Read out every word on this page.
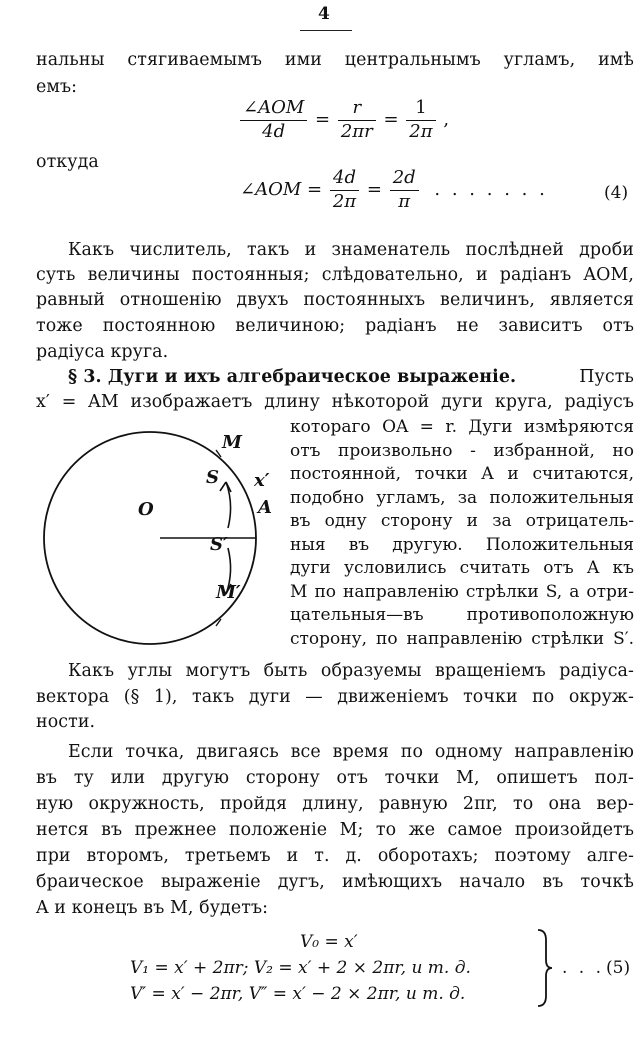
4
нальны стягиваемымъ ими центральнымъ угламъ, имѣ
емъ:
$\frac{\text{∠AOM}}{4d} = \frac{r}{2\pi r} = \frac{1}{2\pi}$ ,
откуда
∠AOM = $\frac{4d}{2\pi} = \frac{2d}{\pi}$ . . . . . . .	(4)
Какъ числитель, такъ и знаменатель послѣдней дроби
суть величины постоянныя; слѣдовательно, и радіанъ AOM,
равный отношенію двухъ постоянныхъ величинъ, является
тоже постоянною величиною; радіанъ не зависитъ отъ
радіуса круга.
§ 3. Дуги и ихъ алгебраическое выраженіе.	Пусть
x′ = AM изображаетъ длину нѣкоторой дуги круга, радіусъ
O	A
M
M′
x′
S
S′
котораго OA = r. Дуги измѣряются
отъ произвольно - избранной, но
постоянной, точки A и считаются,
подобно угламъ, за положительныя
въ одну сторону и за отрицатель-
ныя въ другую. Положительныя
дуги условились считать отъ A къ
M по направленію стрѣлки S, а отри-
цательныя—въ противоположную
сторону, по направленію стрѣлки S′.
Какъ углы могутъ быть образуемы вращеніемъ радіуса-
вектора (§ 1), такъ дуги — движеніемъ точки по окруж-
ности.
Если точка, двигаясь все время по одному направленію
въ ту или другую сторону отъ точки M, опишетъ пол-
ную окружность, пройдя длину, равную 2πr, то она вер-
нется въ прежнее положеніе M; то же самое произойдетъ
при второмъ, третьемъ и т. д. оборотахъ; поэтому алге-
браическое выраженіе дугъ, имѣющихъ начало въ точкѣ
A и конецъ въ M, будетъ:
V₀ = x′
V₁ = x′ + 2πr; V₂ = x′ + 2 × 2πr, и т. д.
V′ = x′ − 2πr, V″ = x′ − 2 × 2πr, и т. д.
. . . (5)
